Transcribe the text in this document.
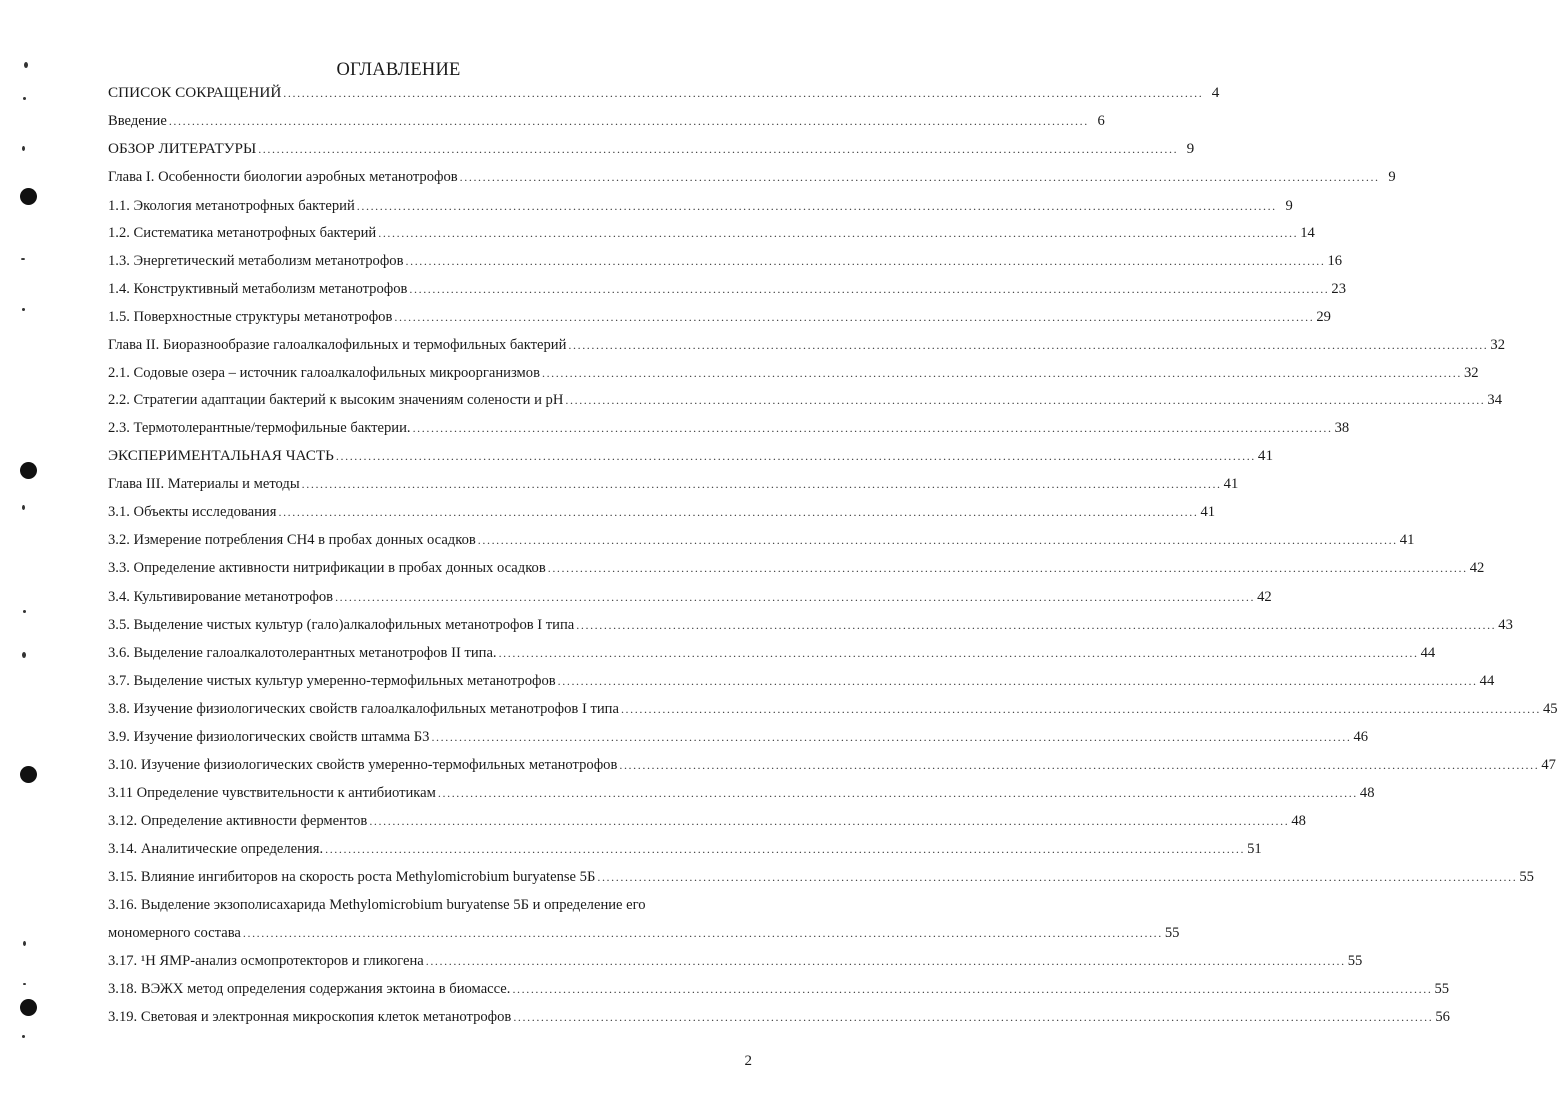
ОГЛАВЛЕНИЕ
СПИСОК СОКРАЩЕНИЙ ........................................................................................................................................................................................................ 4
Введение ........................................................................................................................................................................................................ 6
ОБЗОР ЛИТЕРАТУРЫ ........................................................................................................................................................................................................ 9
Глава I. Особенности биологии аэробных метанотрофов ........................................................................................................................................................................................................ 9
1.1. Экология метанотрофных бактерий ........................................................................................................................................................................................................ 9
1.2. Систематика метанотрофных бактерий ........................................................................................................................................................................................................ 14
1.3. Энергетический метаболизм метанотрофов ........................................................................................................................................................................................................ 16
1.4. Конструктивный метаболизм метанотрофов ........................................................................................................................................................................................................ 23
1.5. Поверхностные структуры метанотрофов ........................................................................................................................................................................................................ 29
Глава II. Биоразнообразие галоалкалофильных и термофильных бактерий ........................................................................................................................................................................................................ 32
2.1. Содовые озера – источник галоалкалофильных микроорганизмов ........................................................................................................................................................................................................ 32
2.2. Стратегии адаптации бактерий к высоким значениям солености и pH ........................................................................................................................................................................................................ 34
2.3. Термотолерантные/термофильные бактерии. ........................................................................................................................................................................................................ 38
ЭКСПЕРИМЕНТАЛЬНАЯ ЧАСТЬ ........................................................................................................................................................................................................ 41
Глава III. Материалы и методы ........................................................................................................................................................................................................ 41
3.1. Объекты исследования ........................................................................................................................................................................................................ 41
3.2. Измерение потребления CH4 в пробах донных осадков ........................................................................................................................................................................................................ 41
3.3. Определение активности нитрификации в пробах донных осадков ........................................................................................................................................................................................................ 42
3.4. Культивирование метанотрофов ........................................................................................................................................................................................................ 42
3.5. Выделение чистых культур (гало)алкалофильных метанотрофов I типа ........................................................................................................................................................................................................ 43
3.6. Выделение галоалкалотолерантных метанотрофов II типа. ........................................................................................................................................................................................................ 44
3.7. Выделение чистых культур умеренно-термофильных метанотрофов ........................................................................................................................................................................................................ 44
3.8. Изучение физиологических свойств галоалкалофильных метанотрофов I типа ........................................................................................................................................................................................................ 45
3.9. Изучение физиологических свойств штамма Б3 ........................................................................................................................................................................................................ 46
3.10. Изучение физиологических свойств умеренно-термофильных метанотрофов ........................................................................................................................................................................................................ 47
3.11 Определение чувствительности к антибиотикам ........................................................................................................................................................................................................ 48
3.12. Определение активности ферментов ........................................................................................................................................................................................................ 48
3.14. Аналитические определения. ........................................................................................................................................................................................................ 51
3.15. Влияние ингибиторов на скорость роста Methylomicrobium buryatense 5Б ........................................................................................................................................................................................................ 55
3.16. Выделение экзополисахарида Methylomicrobium buryatense 5Б и определение его
мономерного состава ........................................................................................................................................................................................................ 55
3.17. ¹Н ЯМР-анализ осмопротекторов и гликогена ........................................................................................................................................................................................................ 55
3.18. ВЭЖХ метод определения содержания эктоина в биомассе. ........................................................................................................................................................................................................ 55
3.19. Световая и электронная микроскопия клеток метанотрофов ........................................................................................................................................................................................................ 56
2
